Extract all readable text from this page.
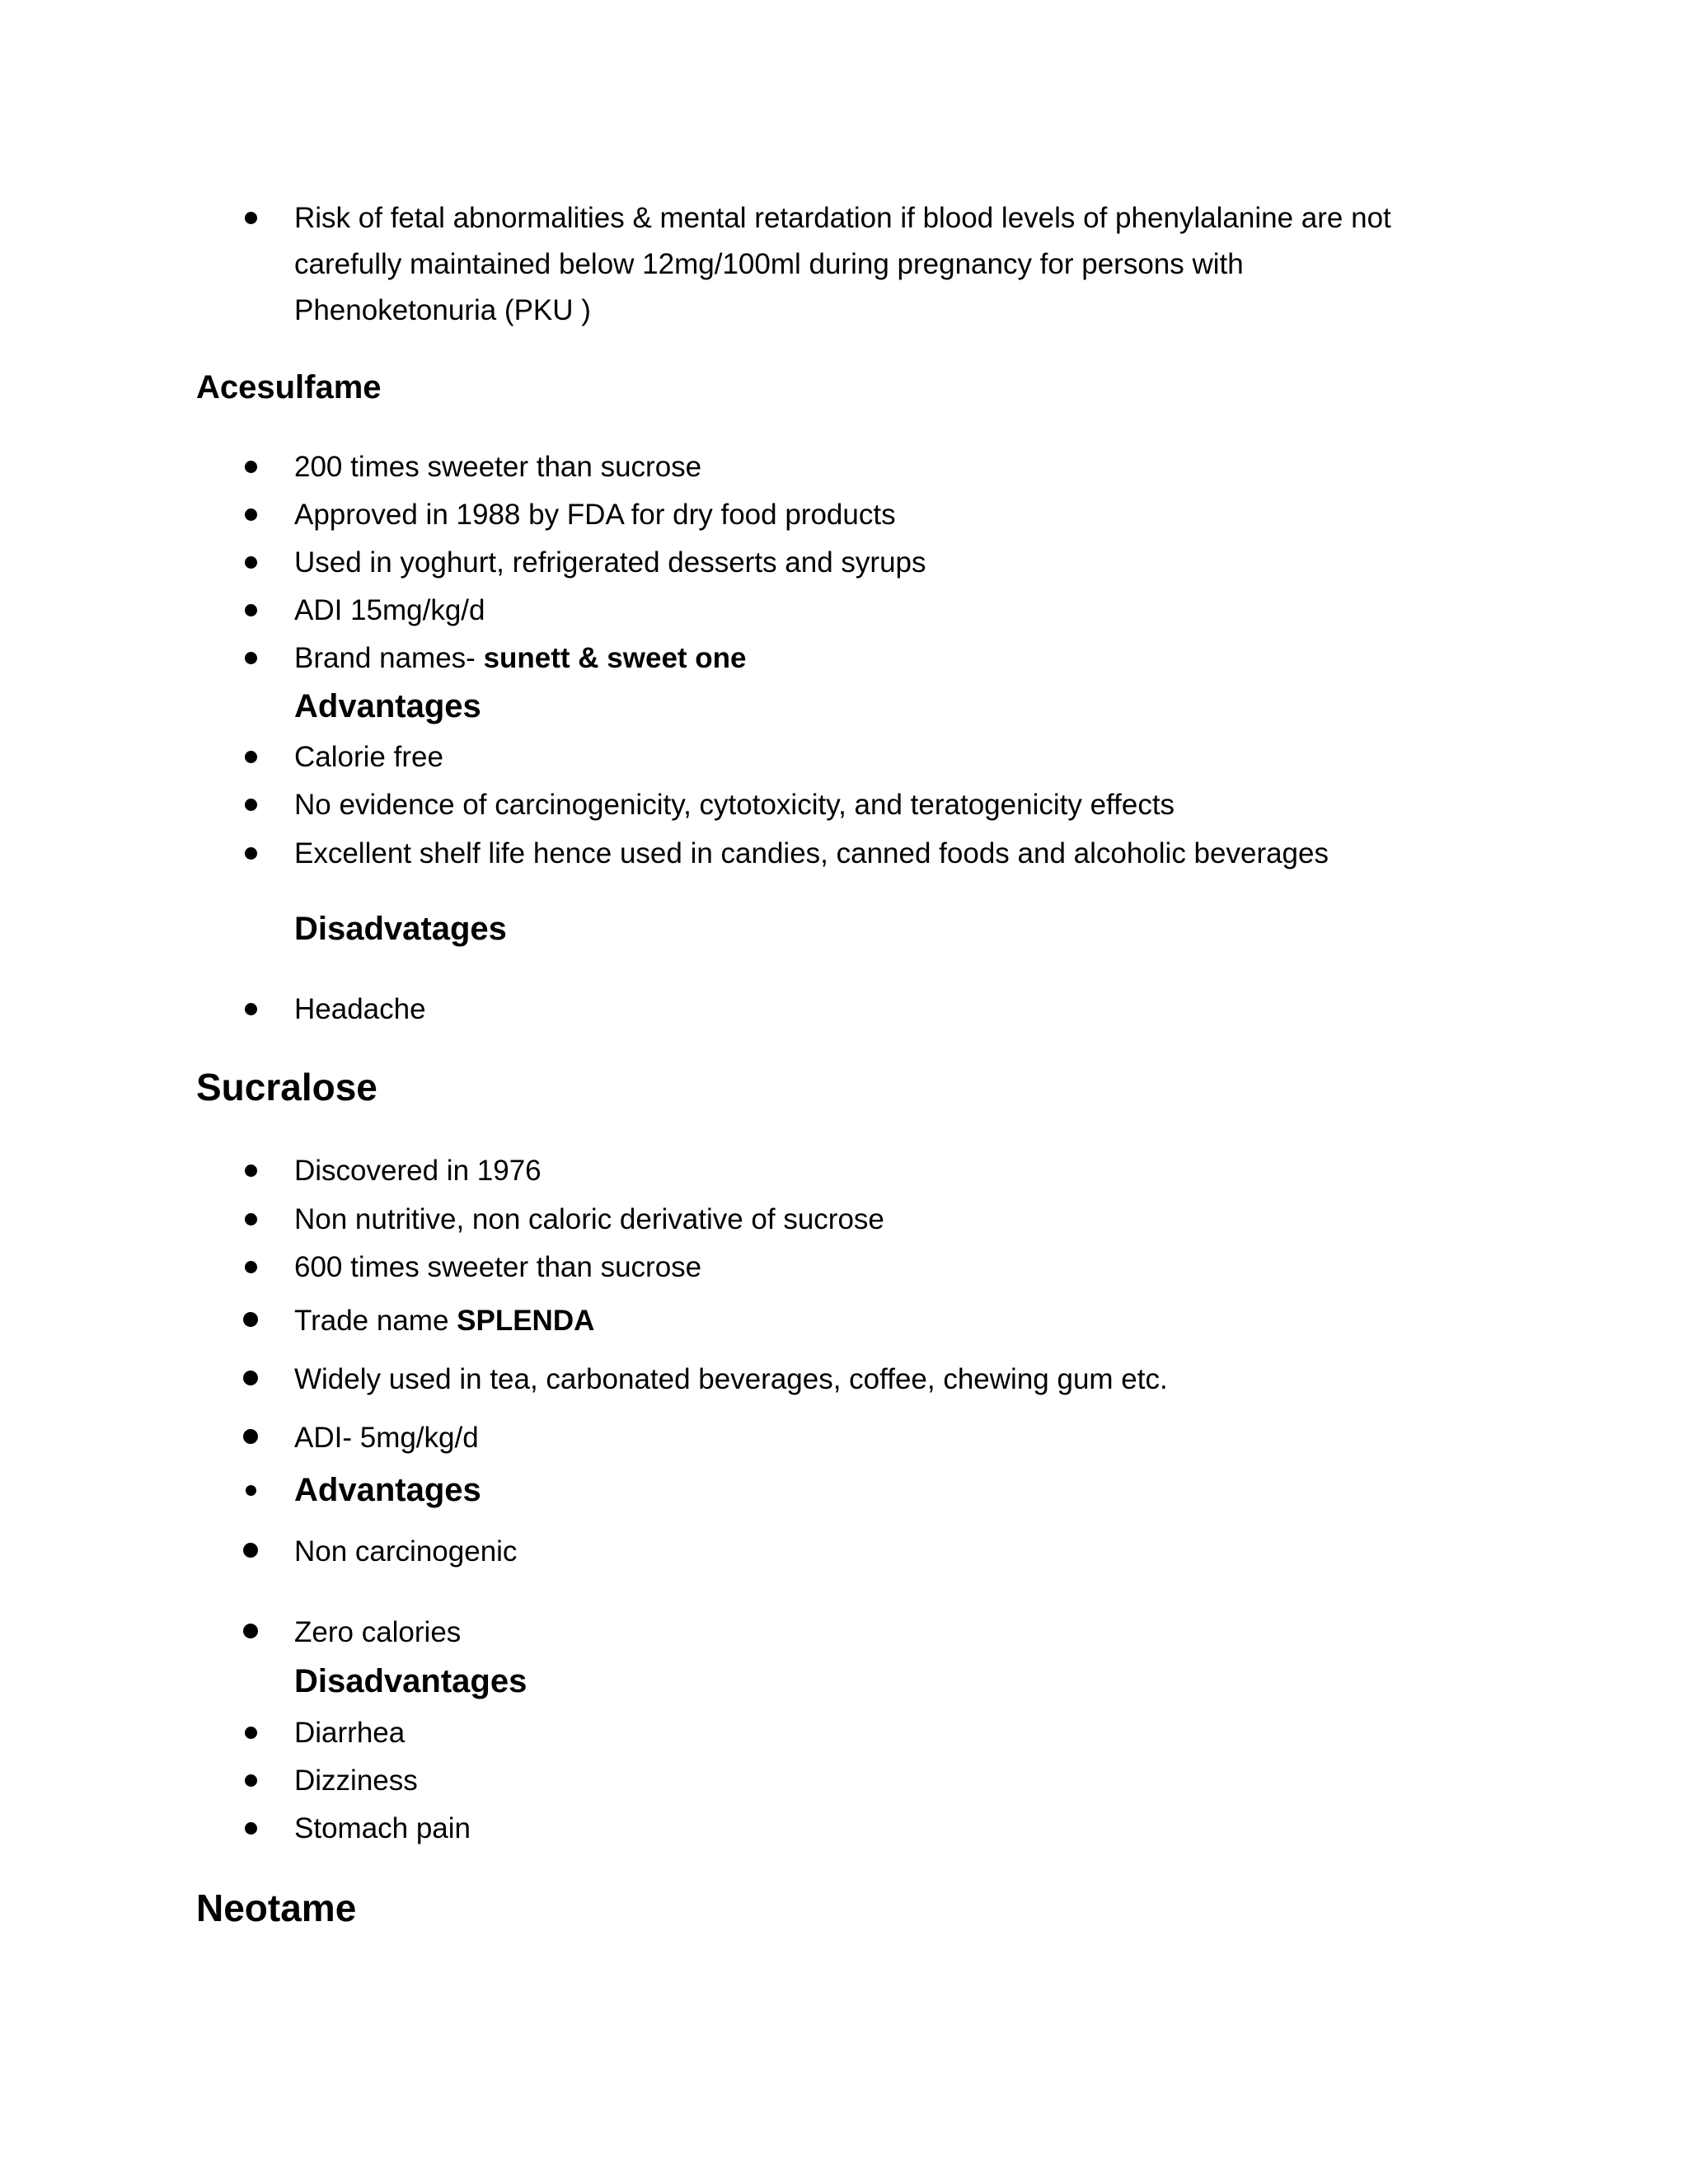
Risk of fetal abnormalities & mental retardation if blood levels of phenylalanine are not
carefully maintained below 12mg/100ml during pregnancy for persons with
Phenoketonuria (PKU )
Acesulfame
200 times sweeter than sucrose
Approved in 1988 by FDA for dry food products
Used in yoghurt, refrigerated desserts and syrups
ADI 15mg/kg/d
Brand names- sunett & sweet one
Advantages
Calorie free
No evidence of carcinogenicity, cytotoxicity, and teratogenicity effects
Excellent shelf life hence used in candies, canned foods and alcoholic beverages
Disadvatages
Headache
Sucralose
Discovered in 1976
Non nutritive, non caloric derivative of sucrose
600 times sweeter than sucrose
Trade name SPLENDA
Widely used in tea, carbonated beverages, coffee, chewing gum etc.
ADI- 5mg/kg/d
Advantages
Non carcinogenic
Zero calories
Disadvantages
Diarrhea
Dizziness
Stomach pain
Neotame
